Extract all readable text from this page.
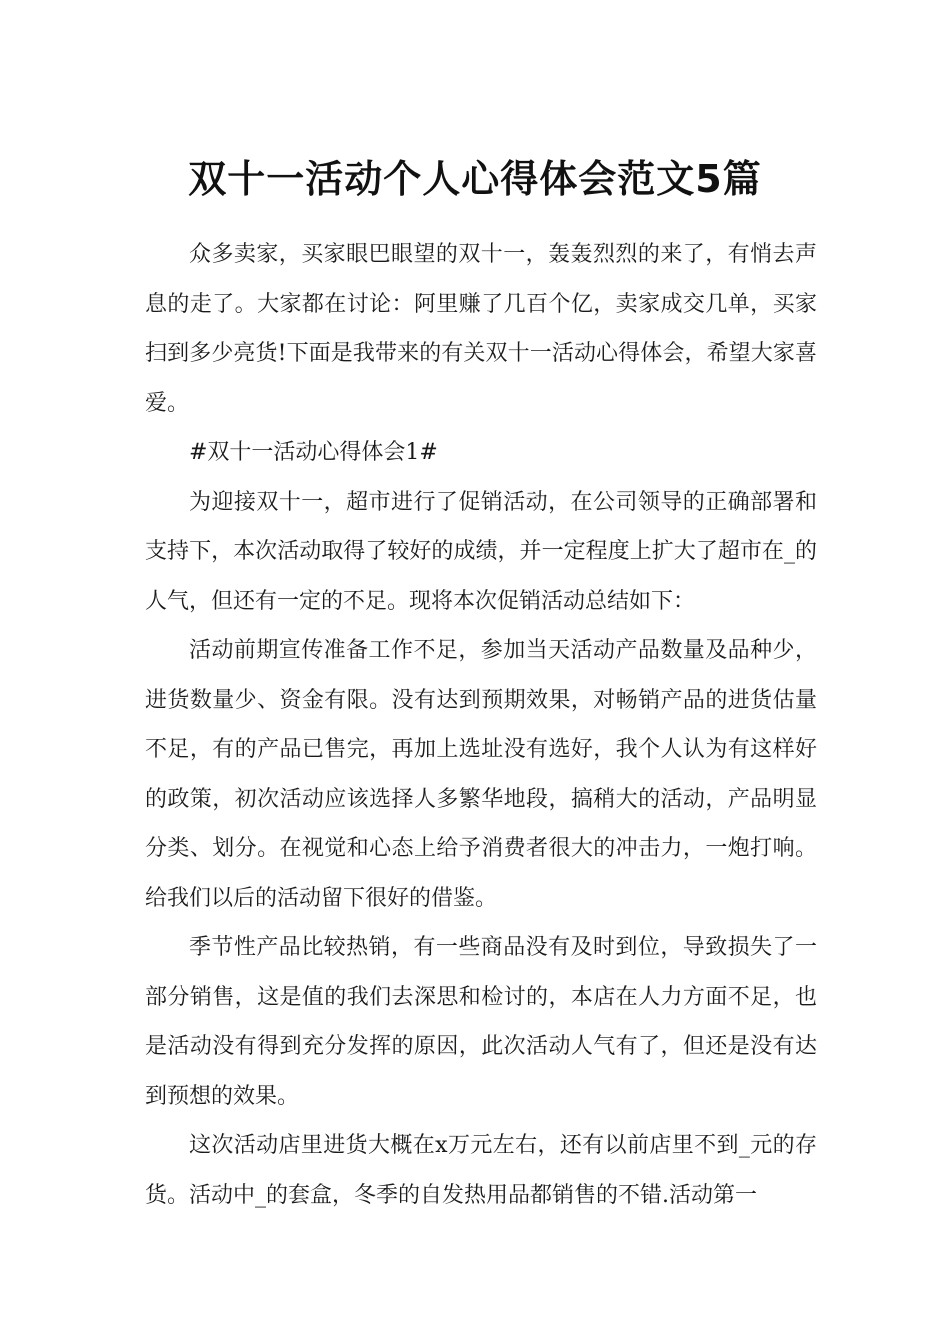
双十一活动个人心得体会范文5篇

众多卖家，买家眼巴眼望的双十一，轰轰烈烈的来了，有悄去声息的走了。大家都在讨论：阿里赚了几百个亿，卖家成交几单，买家扫到多少亮货!下面是我带来的有关双十一活动心得体会，希望大家喜爱。

#双十一活动心得体会1#

为迎接双十一，超市进行了促销活动，在公司领导的正确部署和支持下，本次活动取得了较好的成绩，并一定程度上扩大了超市在_的人气，但还有一定的不足。现将本次促销活动总结如下：

活动前期宣传准备工作不足，参加当天活动产品数量及品种少，进货数量少、资金有限。没有达到预期效果，对畅销产品的进货估量不足，有的产品已售完，再加上选址没有选好，我个人认为有这样好的政策，初次活动应该选择人多繁华地段，搞稍大的活动，产品明显分类、划分。在视觉和心态上给予消费者很大的冲击力，一炮打响。给我们以后的活动留下很好的借鉴。

季节性产品比较热销，有一些商品没有及时到位，导致损失了一部分销售，这是值的我们去深思和检讨的，本店在人力方面不足，也是活动没有得到充分发挥的原因，此次活动人气有了，但还是没有达到预想的效果。

这次活动店里进货大概在x万元左右，还有以前店里不到_元的存货。活动中_的套盒，冬季的自发热用品都销售的不错.活动第一
